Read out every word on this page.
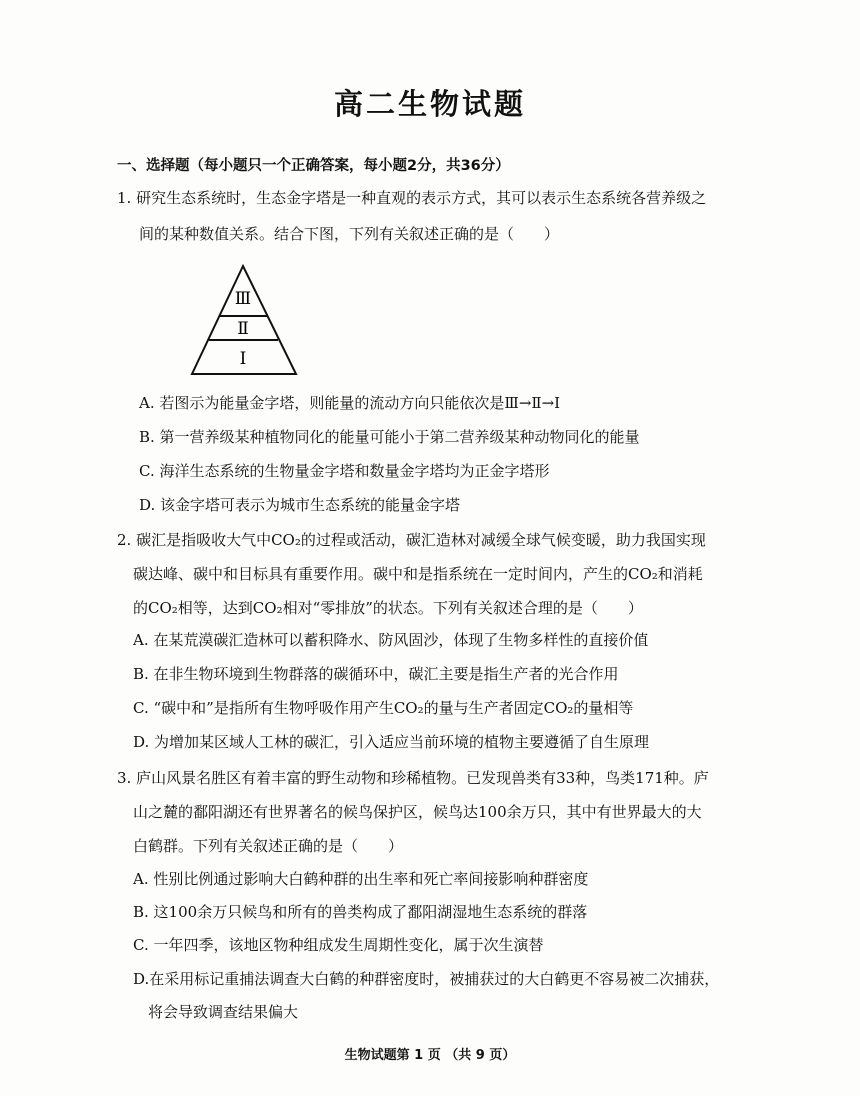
高二生物试题
一、选择题（每小题只一个正确答案，每小题2分，共36分）
1. 研究生态系统时，生态金字塔是一种直观的表示方式，其可以表示生态系统各营养级之
间的某种数值关系。结合下图，下列有关叙述正确的是（　　）
Ⅲ
Ⅱ
Ⅰ
A. 若图示为能量金字塔，则能量的流动方向只能依次是Ⅲ→Ⅱ→Ⅰ
B. 第一营养级某种植物同化的能量可能小于第二营养级某种动物同化的能量
C. 海洋生态系统的生物量金字塔和数量金字塔均为正金字塔形
D. 该金字塔可表示为城市生态系统的能量金字塔
2. 碳汇是指吸收大气中CO₂的过程或活动，碳汇造林对减缓全球气候变暖，助力我国实现
碳达峰、碳中和目标具有重要作用。碳中和是指系统在一定时间内，产生的CO₂和消耗
的CO₂相等，达到CO₂相对“零排放”的状态。下列有关叙述合理的是（　　）
A. 在某荒漠碳汇造林可以蓄积降水、防风固沙，体现了生物多样性的直接价值
B. 在非生物环境到生物群落的碳循环中，碳汇主要是指生产者的光合作用
C. “碳中和”是指所有生物呼吸作用产生CO₂的量与生产者固定CO₂的量相等
D. 为增加某区域人工林的碳汇，引入适应当前环境的植物主要遵循了自生原理
3. 庐山风景名胜区有着丰富的野生动物和珍稀植物。已发现兽类有33种，鸟类171种。庐
山之麓的鄱阳湖还有世界著名的候鸟保护区，候鸟达100余万只，其中有世界最大的大
白鹤群。下列有关叙述正确的是（　　）
A. 性别比例通过影响大白鹤种群的出生率和死亡率间接影响种群密度
B. 这100余万只候鸟和所有的兽类构成了鄱阳湖湿地生态系统的群落
C. 一年四季，该地区物种组成发生周期性变化，属于次生演替
D.在采用标记重捕法调查大白鹤的种群密度时，被捕获过的大白鹤更不容易被二次捕获，
将会导致调查结果偏大
生物试题第 1 页 （共 9 页）
